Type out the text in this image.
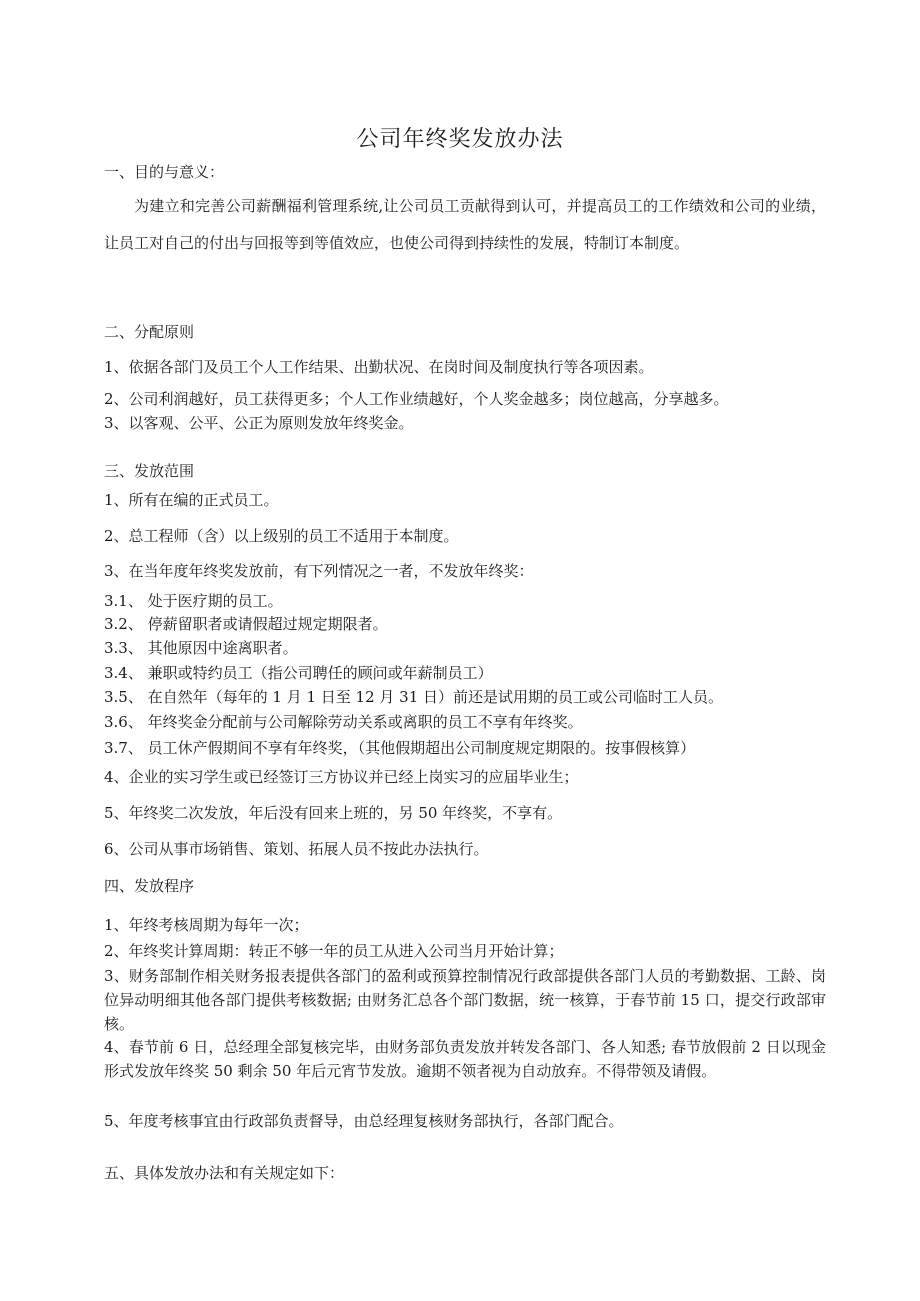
公司年终奖发放办法
一、目的与意义：
为建立和完善公司薪酬福利管理系统,让公司员工贡献得到认可，并提高员工的工作绩效和公司的业绩，让员工对自己的付出与回报等到等值效应，也使公司得到持续性的发展，特制订本制度。
二、分配原则
1、依据各部门及员工个人工作结果、出勤状况、在岗时间及制度执行等各项因素。
2、公司利润越好，员工获得更多；个人工作业绩越好，个人奖金越多；岗位越高，分享越多。
3、以客观、公平、公正为原则发放年终奖金。
三、发放范围
1、所有在编的正式员工。
2、总工程师（含）以上级别的员工不适用于本制度。
3、在当年度年终奖发放前，有下列情况之一者，不发放年终奖：
3.1、 处于医疗期的员工。
3.2、 停薪留职者或请假超过规定期限者。
3.3、 其他原因中途离职者。
3.4、 兼职或特约员工（指公司聘任的顾问或年薪制员工）
3.5、 在自然年（每年的 1 月 1 日至 12 月 31 日）前还是试用期的员工或公司临时工人员。
3.6、 年终奖金分配前与公司解除劳动关系或离职的员工不享有年终奖。
3.7、 员工休产假期间不享有年终奖，（其他假期超出公司制度规定期限的。按事假核算）
4、企业的实习学生或已经签订三方协议并已经上岗实习的应届毕业生；
5、年终奖二次发放，年后没有回来上班的，另 50 年终奖，不享有。
6、公司从事市场销售、策划、拓展人员不按此办法执行。
四、发放程序
1、年终考核周期为每年一次；
2、年终奖计算周期：转正不够一年的员工从进入公司当月开始计算；
3、财务部制作相关财务报表提供各部门的盈利或预算控制情况行政部提供各部门人员的考勤数据、工龄、岗位异动明细其他各部门提供考核数据; 由财务汇总各个部门数据，统一核算，于春节前 15 口，提交行政部审核。
4、春节前 6 日，总经理全部复核完毕，由财务部负责发放并转发各部门、各人知悉; 春节放假前 2 日以现金形式发放年终奖 50 剩余 50 年后元宵节发放。逾期不领者视为自动放弃。不得带领及请假。
5、年度考核事宜由行政部负责督导，由总经理复核财务部执行，各部门配合。
五、具体发放办法和有关规定如下：
